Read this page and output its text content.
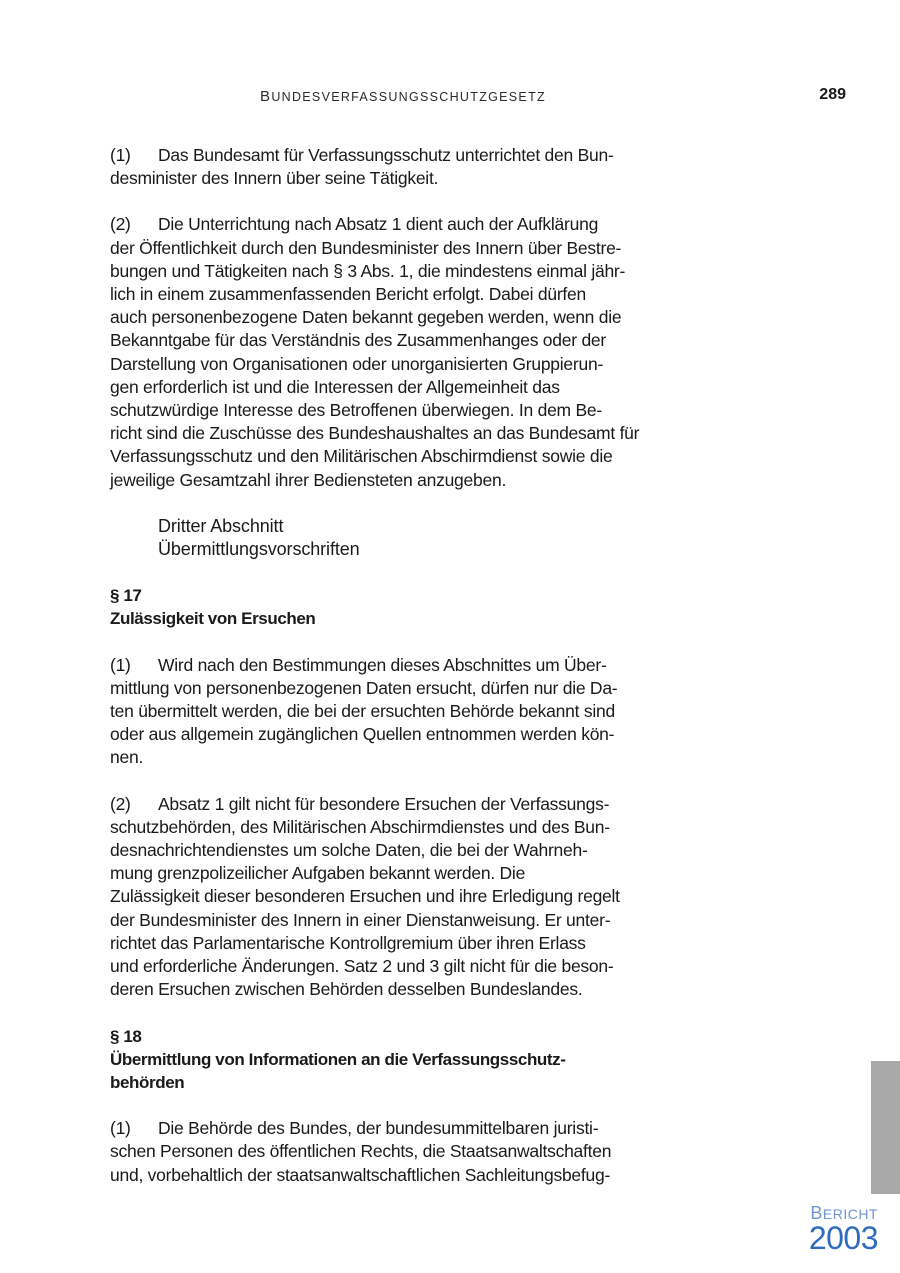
BUNDESVERFASSUNGSSCHUTZGESETZ	289
(1) Das Bundesamt für Verfassungsschutz unterrichtet den Bun-
desminister des Innern über seine Tätigkeit.
(2) Die Unterrichtung nach Absatz 1 dient auch der Aufklärung
der Öffentlichkeit durch den Bundesminister des Innern über Bestre-
bungen und Tätigkeiten nach § 3 Abs. 1, die mindestens einmal jähr-
lich in einem zusammenfassenden Bericht erfolgt. Dabei dürfen
auch personenbezogene Daten bekannt gegeben werden, wenn die
Bekanntgabe für das Verständnis des Zusammenhanges oder der
Darstellung von Organisationen oder unorganisierten Gruppierun-
gen erforderlich ist und die Interessen der Allgemeinheit das
schutzwürdige Interesse des Betroffenen überwiegen. In dem Be-
richt sind die Zuschüsse des Bundeshaushaltes an das Bundesamt für
Verfassungsschutz und den Militärischen Abschirmdienst sowie die
jeweilige Gesamtzahl ihrer Bediensteten anzugeben.
Dritter Abschnitt
Übermittlungsvorschriften
§ 17
Zulässigkeit von Ersuchen
(1) Wird nach den Bestimmungen dieses Abschnittes um Über-
mittlung von personenbezogenen Daten ersucht, dürfen nur die Da-
ten übermittelt werden, die bei der ersuchten Behörde bekannt sind
oder aus allgemein zugänglichen Quellen entnommen werden kön-
nen.
(2) Absatz 1 gilt nicht für besondere Ersuchen der Verfassungs-
schutzbehörden, des Militärischen Abschirmdienstes und des Bun-
desnachrichtendienstes um solche Daten, die bei der Wahrneh-
mung grenzpolizeilicher Aufgaben bekannt werden. Die
Zulässigkeit dieser besonderen Ersuchen und ihre Erledigung regelt
der Bundesminister des Innern in einer Dienstanweisung. Er unter-
richtet das Parlamentarische Kontrollgremium über ihren Erlass
und erforderliche Änderungen. Satz 2 und 3 gilt nicht für die beson-
deren Ersuchen zwischen Behörden desselben Bundeslandes.
§ 18
Übermittlung von Informationen an die Verfassungsschutz-
behörden
(1) Die Behörde des Bundes, der bundesummittelbaren juristi-
schen Personen des öffentlichen Rechts, die Staatsanwaltschaften
und, vorbehaltlich der staatsanwaltschaftlichen Sachleitungsbefug-
BERICHT
2003
